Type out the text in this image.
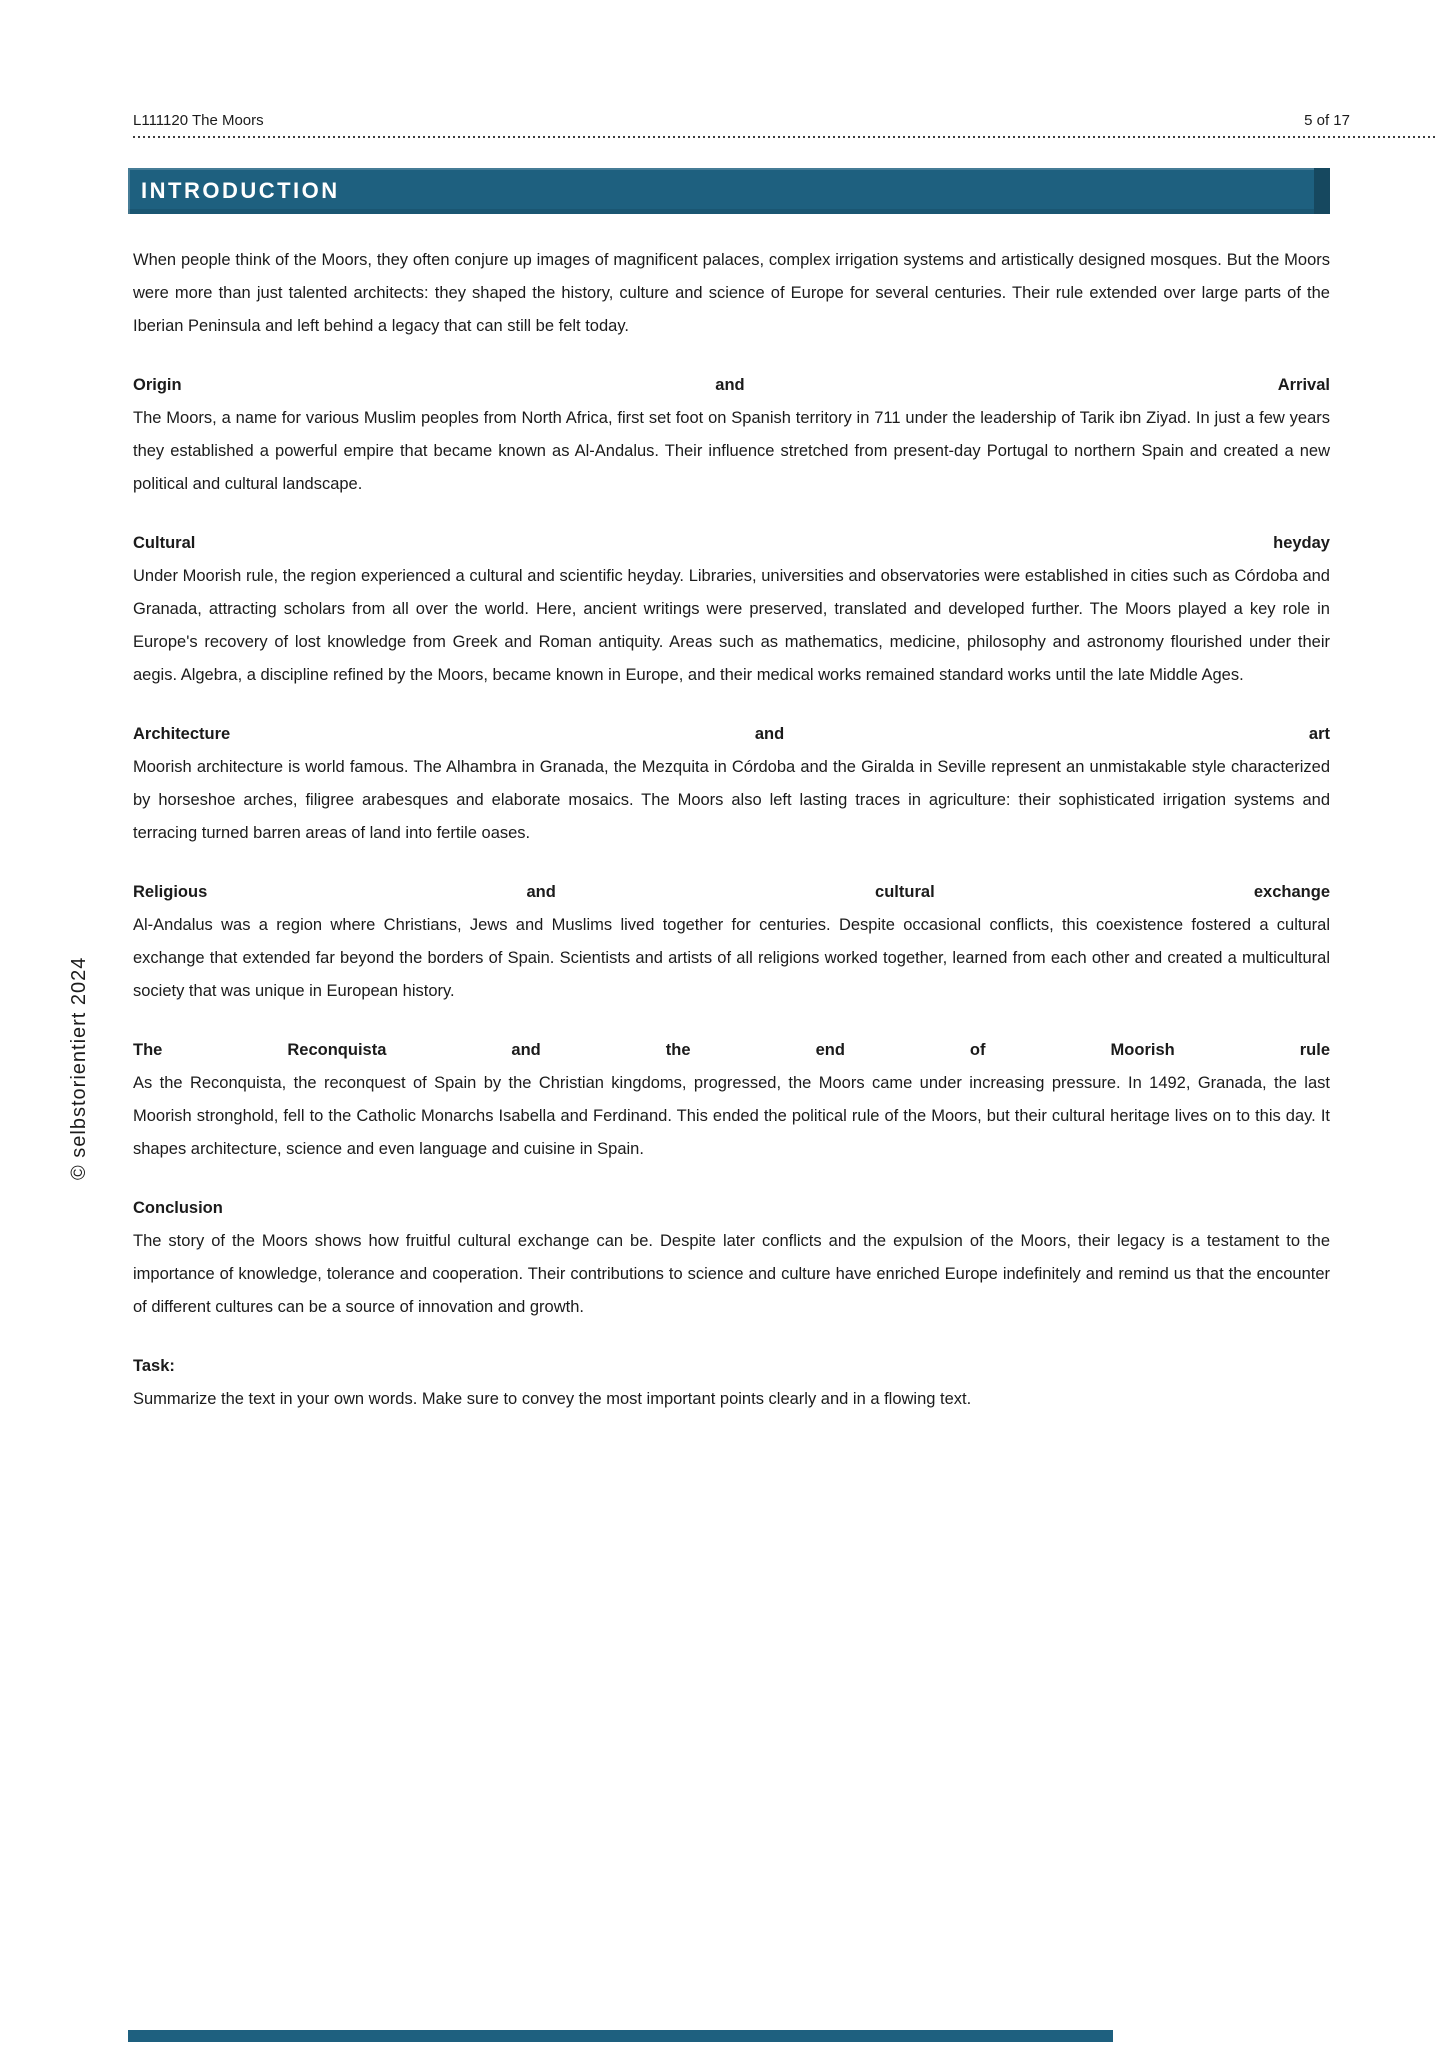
L111120 The Moors	5 of 17
INTRODUCTION

When people think of the Moors, they often conjure up images of magnificent palaces, complex irrigation systems and artistically designed mosques. But the Moors were more than just talented architects: they shaped the history, culture and science of Europe for several centuries. Their rule extended over large parts of the Iberian Peninsula and left behind a legacy that can still be felt today.

Origin and Arrival

The Moors, a name for various Muslim peoples from North Africa, first set foot on Spanish territory in 711 under the leadership of Tarik ibn Ziyad. In just a few years they established a powerful empire that became known as Al-Andalus. Their influence stretched from present-day Portugal to northern Spain and created a new political and cultural landscape.

Cultural heyday

Under Moorish rule, the region experienced a cultural and scientific heyday. Libraries, universities and observatories were established in cities such as Córdoba and Granada, attracting scholars from all over the world. Here, ancient writings were preserved, translated and developed further. The Moors played a key role in Europe's recovery of lost knowledge from Greek and Roman antiquity. Areas such as mathematics, medicine, philosophy and astronomy flourished under their aegis. Algebra, a discipline refined by the Moors, became known in Europe, and their medical works remained standard works until the late Middle Ages.

Architecture and art

Moorish architecture is world famous. The Alhambra in Granada, the Mezquita in Córdoba and the Giralda in Seville represent an unmistakable style characterized by horseshoe arches, filigree arabesques and elaborate mosaics. The Moors also left lasting traces in agriculture: their sophisticated irrigation systems and terracing turned barren areas of land into fertile oases.

Religious and cultural exchange

Al-Andalus was a region where Christians, Jews and Muslims lived together for centuries. Despite occasional conflicts, this coexistence fostered a cultural exchange that extended far beyond the borders of Spain. Scientists and artists of all religions worked together, learned from each other and created a multicultural society that was unique in European history.

The Reconquista and the end of Moorish rule

As the Reconquista, the reconquest of Spain by the Christian kingdoms, progressed, the Moors came under increasing pressure. In 1492, Granada, the last Moorish stronghold, fell to the Catholic Monarchs Isabella and Ferdinand. This ended the political rule of the Moors, but their cultural heritage lives on to this day. It shapes architecture, science and even language and cuisine in Spain.

Conclusion

The story of the Moors shows how fruitful cultural exchange can be. Despite later conflicts and the expulsion of the Moors, their legacy is a testament to the importance of knowledge, tolerance and cooperation. Their contributions to science and culture have enriched Europe indefinitely and remind us that the encounter of different cultures can be a source of innovation and growth.

Task:

Summarize the text in your own words. Make sure to convey the most important points clearly and in a flowing text.

© selbstorientiert 2024
